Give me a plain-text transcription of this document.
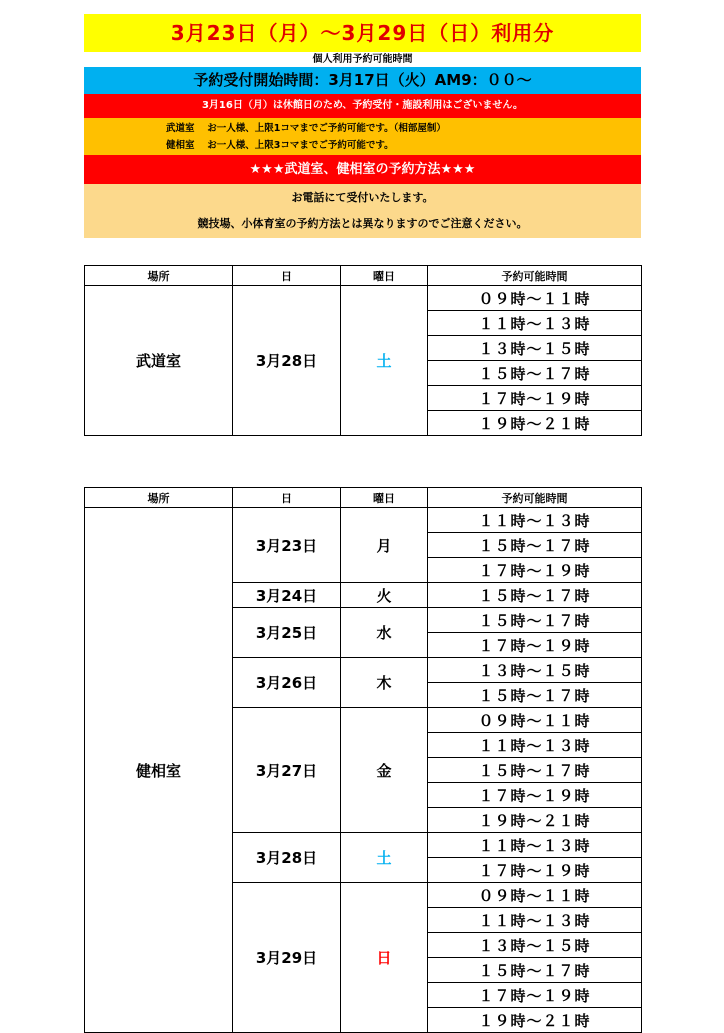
3月23日（月）～3月29日（日）利用分
個人利用予約可能時間
予約受付開始時間：3月17日（火）AM9：００～
3月16日（月）は休館日のため、予約受付・施設利用はございません。
武道室　 お一人様、上限1コマまでご予約可能です。（相部屋制）
健相室　 お一人様、上限3コマまでご予約可能です。
★★★武道室、健相室の予約方法★★★
お電話にて受付いたします。
競技場、小体育室の予約方法とは異なりますのでご注意ください。
場所	日	曜日	予約可能時間
武道室	3月28日	土	０９時～１１時
			１１時～１３時
			１３時～１５時
			１５時～１７時
			１７時～１９時
			１９時～２１時
場所	日	曜日	予約可能時間
健相室	3月23日	月	１１時～１３時
			１５時～１７時
			１７時～１９時
	3月24日	火	１５時～１７時
	3月25日	水	１５時～１７時
			１７時～１９時
	3月26日	木	１３時～１５時
			１５時～１７時
	3月27日	金	０９時～１１時
			１１時～１３時
			１５時～１７時
			１７時～１９時
			１９時～２１時
	3月28日	土	１１時～１３時
			１７時～１９時
	3月29日	日	０９時～１１時
			１１時～１３時
			１３時～１５時
			１５時～１７時
			１７時～１９時
			１９時～２１時
